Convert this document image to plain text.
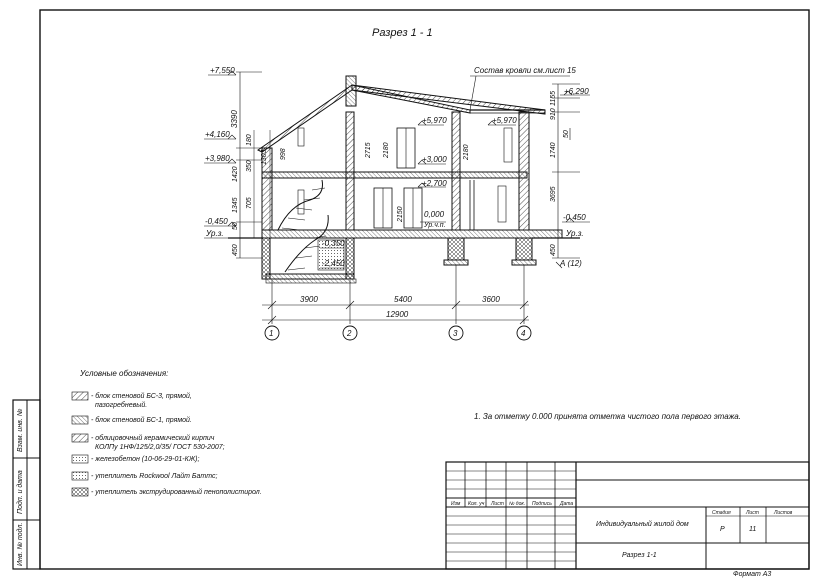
Взам. инв. №
Подп. и дата
Инв. № подл.
Разрез 1 - 1
3390
180
1303 998
350
1420
1345 705
50
450
+7,550
+4,160
+3,980
-0,450
Ур.з.
+5,970	+5,970
+3,000
+2,700
0,000
Ур.ч.п.
-0,350
-2,450
2715 2180	2180
2150
Состав кровли см.лист 15
1155
910
50
1740
3695
450
+6,290
-0,450
Ур.з.
А (12)
3900	5400	3600
12900
1	2	3	4
Условные обозначения:
- блок стеновой БС-3, прямой,
пазогребневый.
- блок стеновой БС-1, прямой.
- облицовочный керамический кирпич
КОЛПу 1НФ/125/2,0/35/ ГОСТ 530-2007;
- железобетон (10-06-29-01-КЖ);
- утеплитель Rockwool Лайт Баттс;
- утеплитель экструдированный пенополистирол.
1. За отметку 0.000 принята отметка чистого пола первого этажа.
Изм Кол. уч Лист № док. Подпись Дата
Индивидуальный жилой дом
Разрез 1-1
Стадия	Лист	Листов
Р	11
Формат А3
